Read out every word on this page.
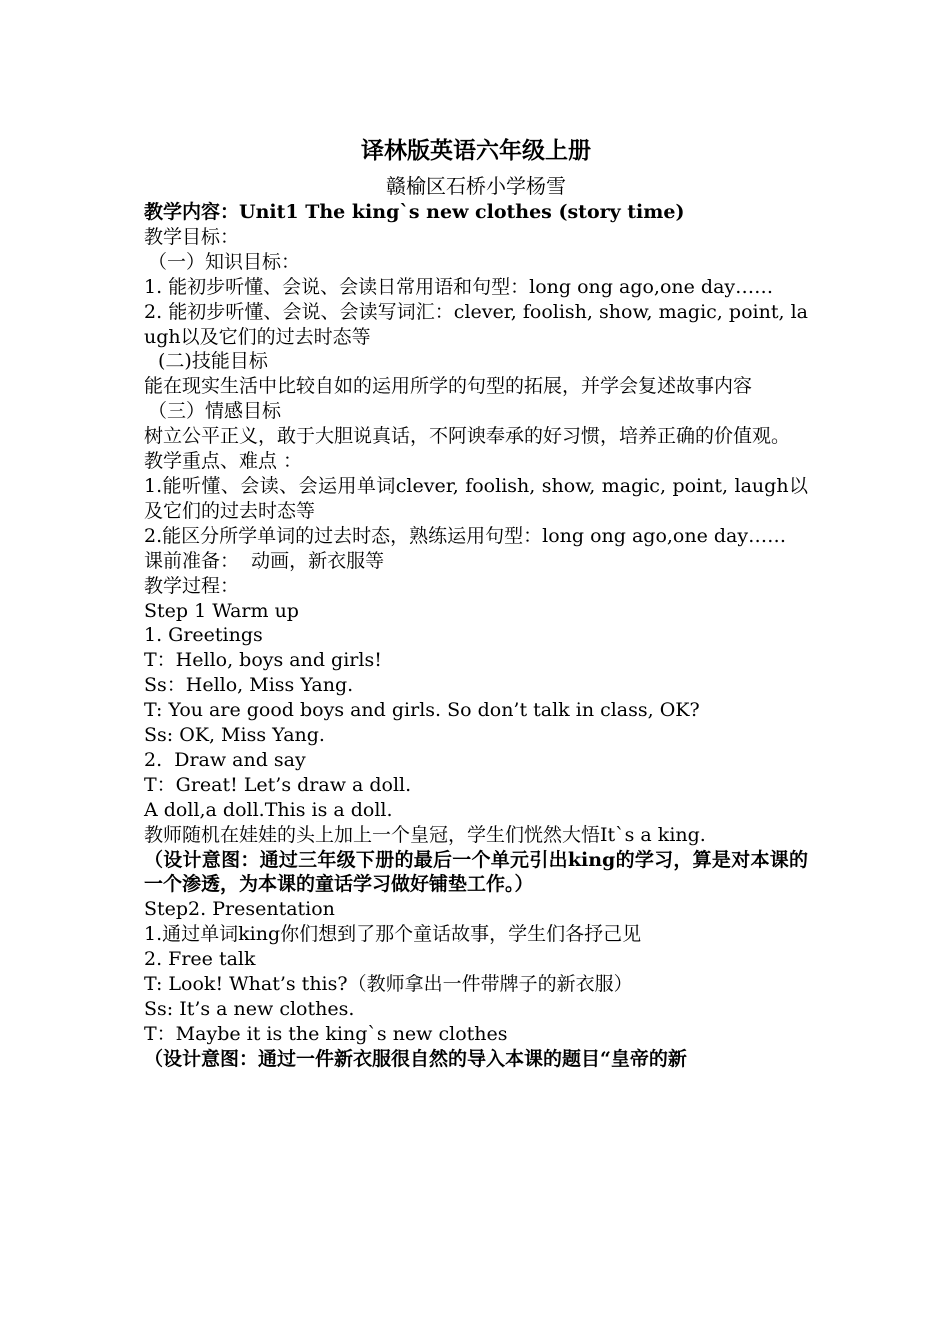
译林版英语六年级上册
赣榆区石桥小学杨雪
教学内容：Unit1 The king`s new clothes (story time)
教学目标：
（一）知识目标：
1. 能初步听懂、会说、会读日常用语和句型：long ong ago,one day……
2. 能初步听懂、会说、会读写词汇：clever, foolish, show, magic, point, laugh以及它们的过去时态等
(二)技能目标
能在现实生活中比较自如的运用所学的句型的拓展，并学会复述故事内容
（三）情感目标
树立公平正义，敢于大胆说真话，不阿谀奉承的好习惯，培养正确的价值观。
教学重点、难点 ：
1.能听懂、会读、会运用单词clever, foolish, show, magic, point, laugh以及它们的过去时态等
2.能区分所学单词的过去时态，熟练运用句型：long ong ago,one day……
课前准备：  动画，新衣服等
教学过程：
Step 1 Warm up
1. Greetings
T：Hello, boys and girls!
Ss：Hello, Miss Yang.
T: You are good boys and girls. So don’t talk in class, OK?
Ss: OK, Miss Yang.
2.  Draw and say
T：Great! Let’s draw a doll.
A doll,a doll.This is a doll.
教师随机在娃娃的头上加上一个皇冠，学生们恍然大悟It`s a king.
（设计意图：通过三年级下册的最后一个单元引出king的学习，算是对本课的一个渗透，为本课的童话学习做好铺垫工作。）
Step2. Presentation
1.通过单词king你们想到了那个童话故事，学生们各抒己见
2. Free talk
T: Look! What’s this?（教师拿出一件带牌子的新衣服）
Ss: It’s a new clothes.
T：Maybe it is the king`s new clothes
（设计意图：通过一件新衣服很自然的导入本课的题目“皇帝的新
